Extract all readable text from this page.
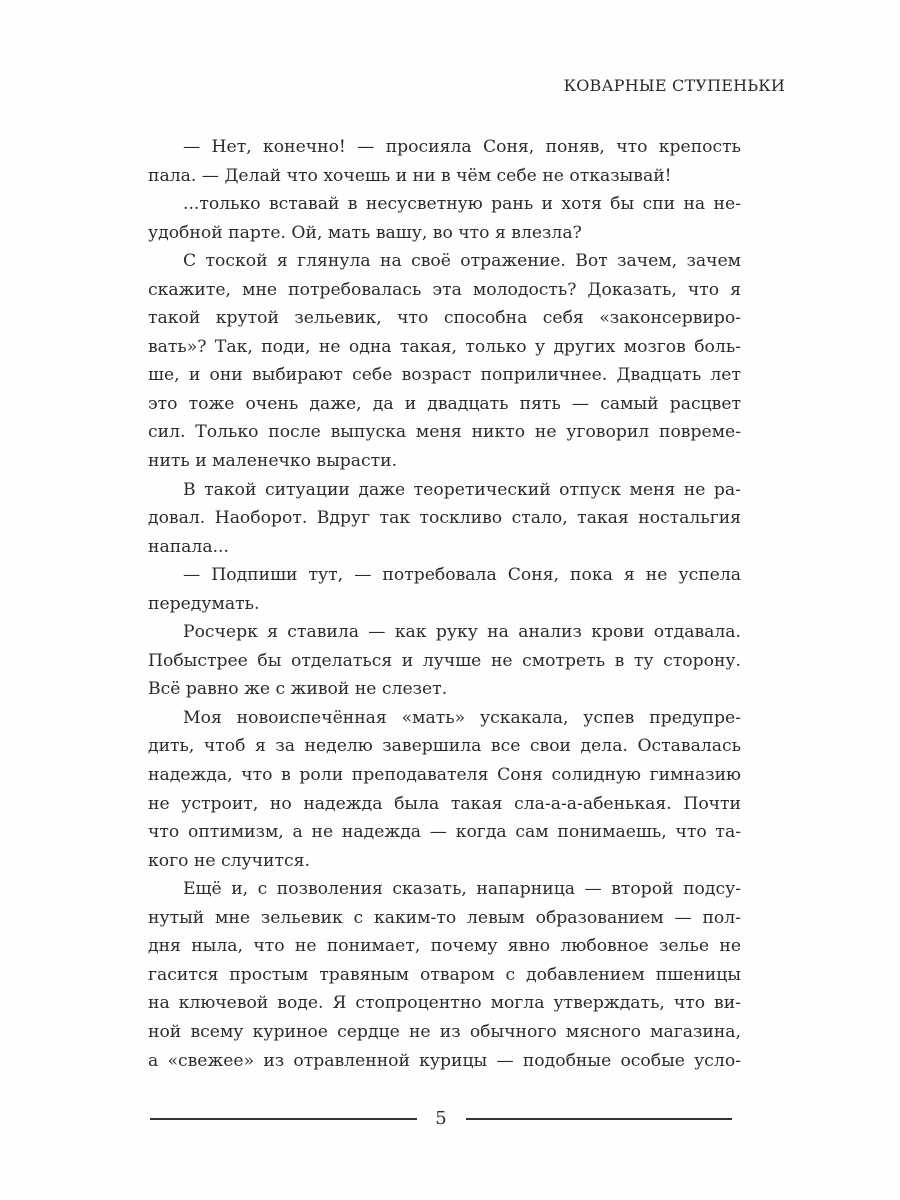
КОВАРНЫЕ СТУПЕНЬКИ
— Нет, конечно! — просияла Соня, поняв, что крепость
пала. — Делай что хочешь и ни в чём себе не отказывай!
...только вставай в несусветную рань и хотя бы спи на не-
удобной парте. Ой, мать вашу, во что я влезла?
С тоской я глянула на своё отражение. Вот зачем, зачем
скажите, мне потребовалась эта молодость? Доказать, что я
такой крутой зельевик, что способна себя «законсервиро-
вать»? Так, поди, не одна такая, только у других мозгов боль-
ше, и они выбирают себе возраст поприличнее. Двадцать лет
это тоже очень даже, да и двадцать пять — самый расцвет
сил. Только после выпуска меня никто не уговорил повреме-
нить и маленечко вырасти.
В такой ситуации даже теоретический отпуск меня не ра-
довал. Наоборот. Вдруг так тоскливо стало, такая ностальгия
напала...
— Подпиши тут, — потребовала Соня, пока я не успела
передумать.
Росчерк я ставила — как руку на анализ крови отдавала.
Побыстрее бы отделаться и лучше не смотреть в ту сторону.
Всё равно же с живой не слезет.
Моя новоиспечённая «мать» ускакала, успев предупре-
дить, чтоб я за неделю завершила все свои дела. Оставалась
надежда, что в роли преподавателя Соня солидную гимназию
не устроит, но надежда была такая сла-а-а-абенькая. Почти
что оптимизм, а не надежда — когда сам понимаешь, что та-
кого не случится.
Ещё и, с позволения сказать, напарница — второй подсу-
нутый мне зельевик с каким-то левым образованием — пол-
дня ныла, что не понимает, почему явно любовное зелье не
гасится простым травяным отваром с добавлением пшеницы
на ключевой воде. Я стопроцентно могла утверждать, что ви-
ной всему куриное сердце не из обычного мясного магазина,
а «свежее» из отравленной курицы — подобные особые усло-
5
